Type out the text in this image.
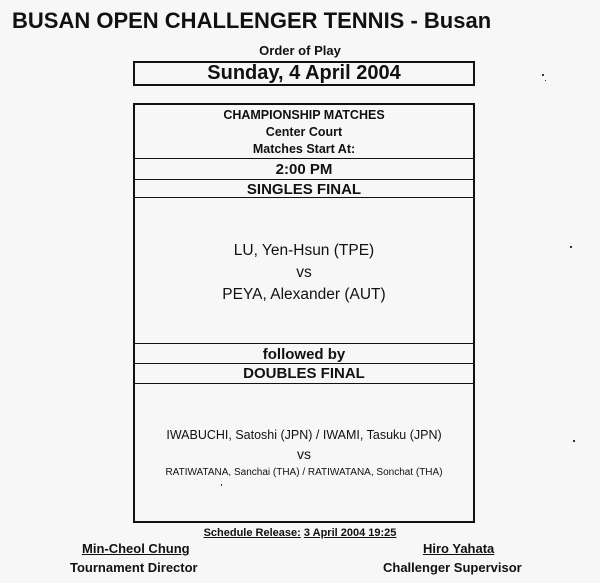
BUSAN OPEN CHALLENGER TENNIS - Busan
Order of Play
Sunday, 4 April 2004
CHAMPIONSHIP MATCHES
Center Court
Matches Start At:
2:00 PM
SINGLES FINAL
LU, Yen-Hsun (TPE)
vs
PEYA, Alexander (AUT)
followed by
DOUBLES FINAL
IWABUCHI, Satoshi (JPN) / IWAMI, Tasuku (JPN)
vs
RATIWATANA, Sanchai (THA) / RATIWATANA, Sonchat (THA)
Schedule Release: 3 April 2004 19:25
Min-Cheol Chung
Tournament Director
Hiro Yahata
Challenger Supervisor
